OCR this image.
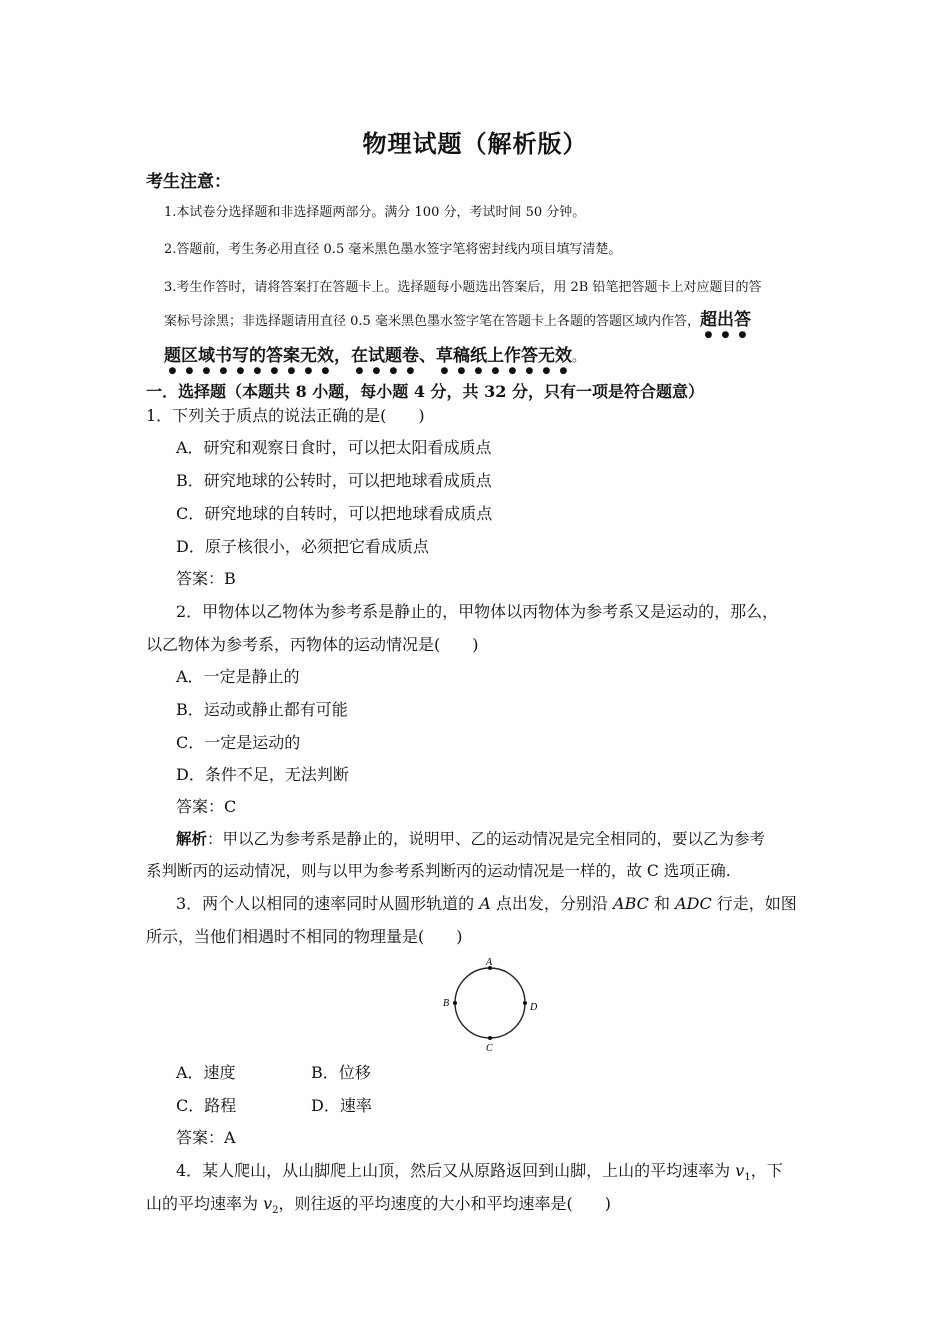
物理试题（解析版）
考生注意：
1.本试卷分选择题和非选择题两部分。满分 100 分，考试时间 50 分钟。
2.答题前，考生务必用直径 0.5 毫米黑色墨水签字笔将密封线内项目填写清楚。
3.考生作答时，请将答案打在答题卡上。选择题每小题选出答案后，用 2B 铅笔把答题卡上对应题目的答
案标号涂黑；非选择题请用直径 0.5 毫米黑色墨水签字笔在答题卡上各题的答题区域内作答，超出答
题区域书写的答案无效，在试题卷、草稿纸上作答无效。
一．选择题（本题共 8 小题，每小题 4 分，共 32 分，只有一项是符合题意）
1．下列关于质点的说法正确的是(　　)
A．研究和观察日食时，可以把太阳看成质点
B．研究地球的公转时，可以把地球看成质点
C．研究地球的自转时，可以把地球看成质点
D．原子核很小，必须把它看成质点
答案：B
2．甲物体以乙物体为参考系是静止的，甲物体以丙物体为参考系又是运动的，那么，
以乙物体为参考系，丙物体的运动情况是(　　)
A．一定是静止的
B．运动或静止都有可能
C．一定是运动的
D．条件不足，无法判断
答案：C
解析：甲以乙为参考系是静止的，说明甲、乙的运动情况是完全相同的，要以乙为参考
系判断丙的运动情况，则与以甲为参考系判断丙的运动情况是一样的，故 C 选项正确.
3．两个人以相同的速率同时从圆形轨道的 A 点出发，分别沿 ABC 和 ADC 行走，如图
所示，当他们相遇时不相同的物理量是(　　)
A
B
C
D
A．速度	B．位移
C．路程	D．速率
答案：A
4．某人爬山，从山脚爬上山顶，然后又从原路返回到山脚，上山的平均速率为 $v_1$，下
山的平均速率为 $v_2$，则往返的平均速度的大小和平均速率是(　　)
